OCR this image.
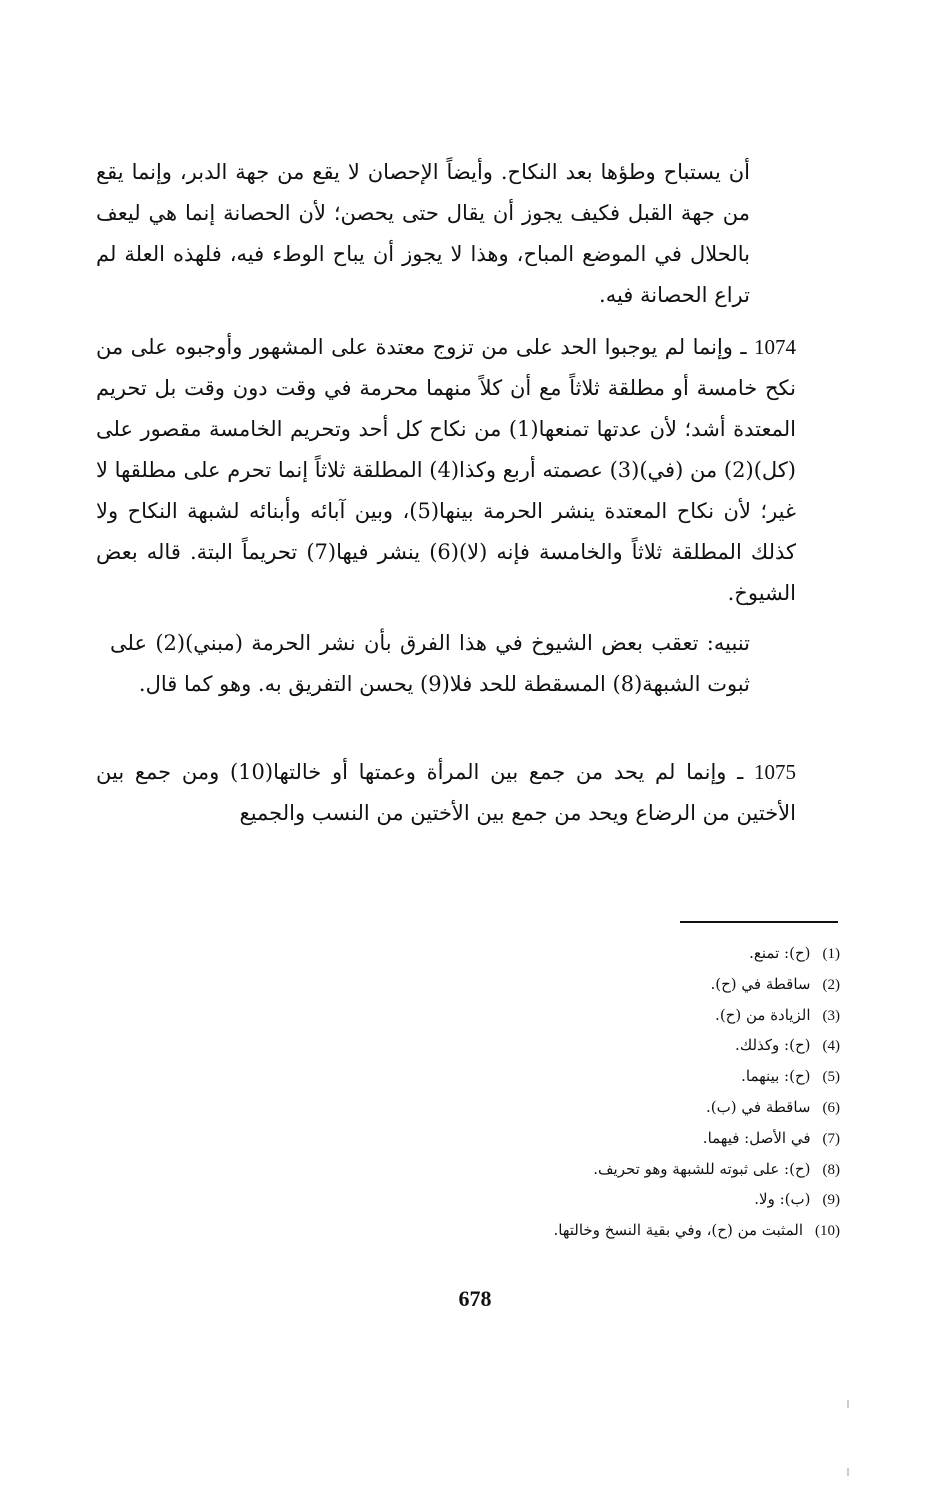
أن يستباح وطؤها بعد النكاح. وأيضاً الإحصان لا يقع من جهة الدبر، وإنما يقع من جهة القبل فكيف يجوز أن يقال حتى يحصن؛ لأن الحصانة إنما هي ليعف بالحلال في الموضع المباح، وهذا لا يجوز أن يباح الوطء فيه، فلهذه العلة لم تراع الحصانة فيه.
1074 ـ وإنما لم يوجبوا الحد على من تزوج معتدة على المشهور وأوجبوه على من نكح خامسة أو مطلقة ثلاثاً مع أن كلاً منهما محرمة في وقت دون وقت بل تحريم المعتدة أشد؛ لأن عدتها تمنعها(1) من نكاح كل أحد وتحريم الخامسة مقصور على (كل)(2) من (في)(3) عصمته أربع وكذا(4) المطلقة ثلاثاً إنما تحرم على مطلقها لا غير؛ لأن نكاح المعتدة ينشر الحرمة بينها(5)، وبين آبائه وأبنائه لشبهة النكاح ولا كذلك المطلقة ثلاثاً والخامسة فإنه (لا)(6) ينشر فيها(7) تحريماً البتة. قاله بعض الشيوخ.
تنبيه: تعقب بعض الشيوخ في هذا الفرق بأن نشر الحرمة (مبني)(2) على ثبوت الشبهة(8) المسقطة للحد فلا(9) يحسن التفريق به. وهو كما قال.
1075 ـ وإنما لم يحد من جمع بين المرأة وعمتها أو خالتها(10) ومن جمع بين الأختين من الرضاع ويحد من جمع بين الأختين من النسب والجميع
(1)(ح): تمنع.
(2)ساقطة في (ح).
(3)الزيادة من (ح).
(4)(ح): وكذلك.
(5)(ح): بينهما.
(6)ساقطة في (ب).
(7)في الأصل: فيهما.
(8)(ح): على ثبوته للشبهة وهو تحريف.
(9)(ب): ولا.
(10)المثبت من (ح)، وفي بقية النسخ وخالتها.
678
